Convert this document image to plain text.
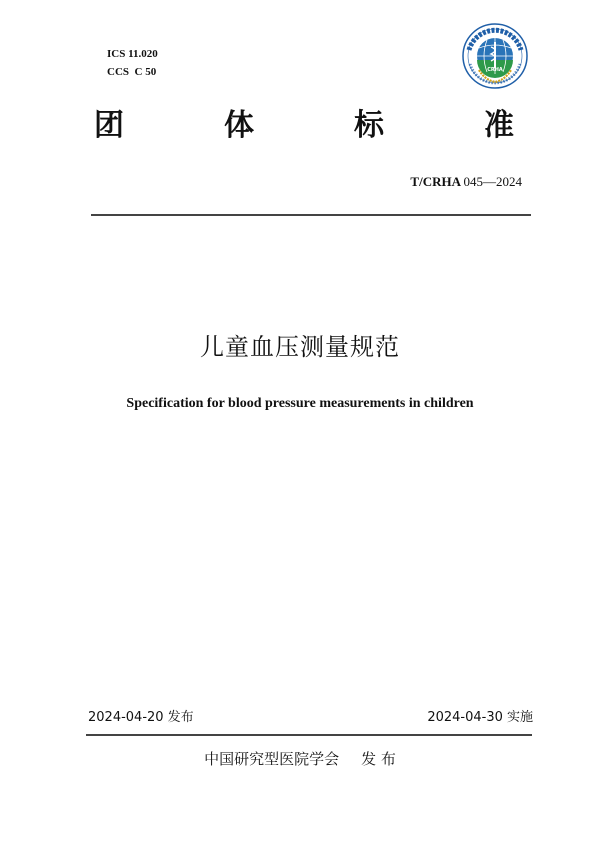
ICS 11.020
CCS  C 50	CRHA
团	体	标	准
T/CRHA 045—2024
儿童血压测量规范
Specification for blood pressure measurements in children
2024-04-20 发布	2024-04-30 实施
中国研究型医院学会 发 布
